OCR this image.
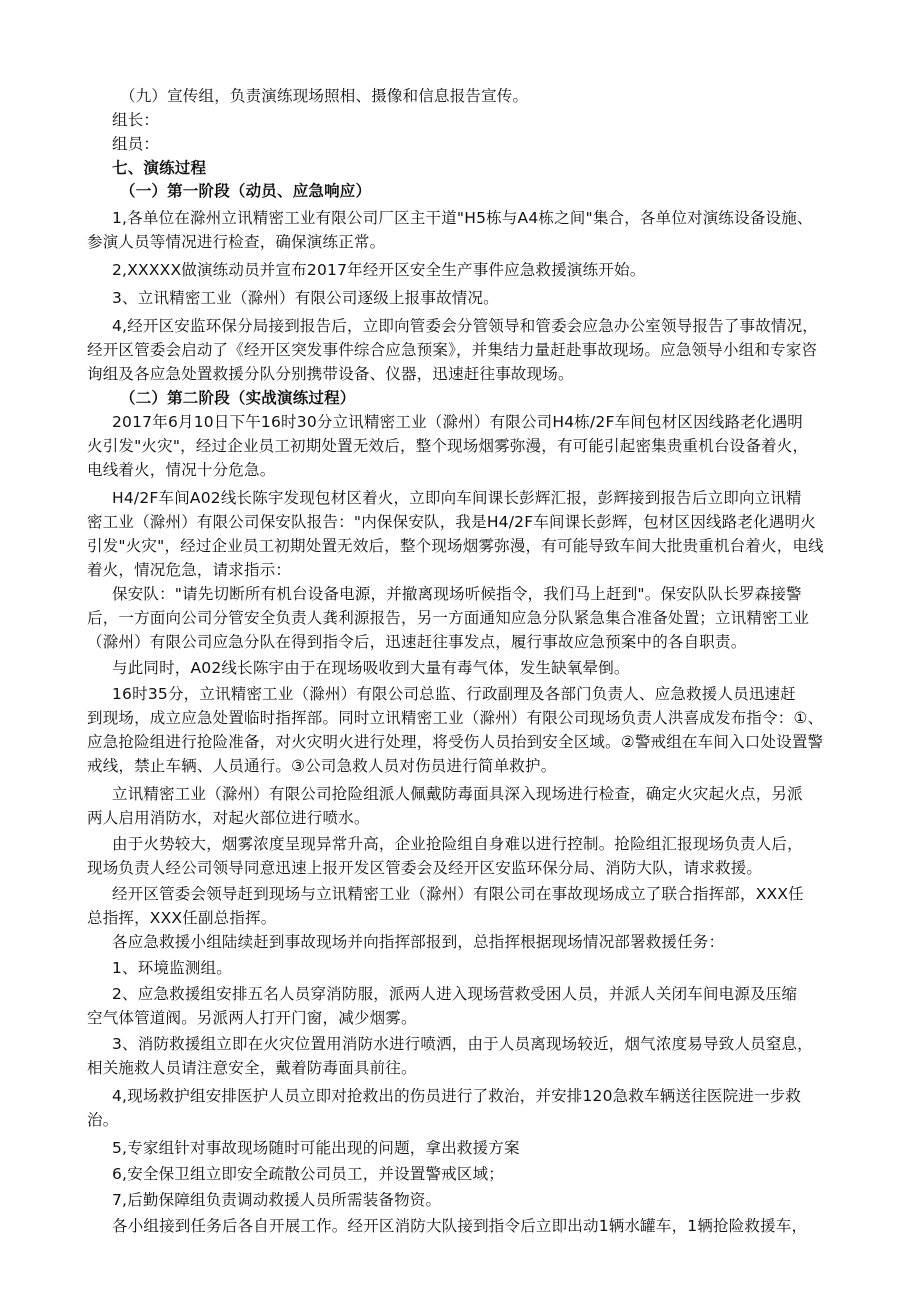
（九）宣传组，负责演练现场照相、摄像和信息报告宣传。
组长：
组员：
七、演练过程
（一）第一阶段（动员、应急响应）
1,各单位在滁州立讯精密工业有限公司厂区主干道"H5栋与A4栋之间"集合，各单位对演练设备设施、
参演人员等情况进行检查，确保演练正常。
2,XXXXX做演练动员并宣布2017年经开区安全生产事件应急救援演练开始。
3、立讯精密工业（滁州）有限公司逐级上报事故情况。
4,经开区安监环保分局接到报告后，立即向管委会分管领导和管委会应急办公室领导报告了事故情况，
经开区管委会启动了《经开区突发事件综合应急预案》，并集结力量赶赴事故现场。应急领导小组和专家咨
询组及各应急处置救援分队分别携带设备、仪器，迅速赶往事故现场。
（二）第二阶段（实战演练过程）
2017年6月10日下午16时30分立讯精密工业（滁州）有限公司H4栋/2F车间包材区因线路老化遇明
火引发"火灾"，经过企业员工初期处置无效后，整个现场烟雾弥漫，有可能引起密集贵重机台设备着火，
电线着火，情况十分危急。
H4/2F车间A02线长陈宇发现包材区着火，立即向车间课长彭辉汇报，彭辉接到报告后立即向立讯精
密工业（滁州）有限公司保安队报告："内保保安队，我是H4/2F车间课长彭辉，包材区因线路老化遇明火
引发"火灾"，经过企业员工初期处置无效后，整个现场烟雾弥漫，有可能导致车间大批贵重机台着火，电线
着火，情况危急，请求指示：
保安队："请先切断所有机台设备电源，并撤离现场听候指令，我们马上赶到"。保安队队长罗森接警
后，一方面向公司分管安全负责人龚利源报告，另一方面通知应急分队紧急集合准备处置；立讯精密工业
（滁州）有限公司应急分队在得到指令后，迅速赶往事发点，履行事故应急预案中的各自职责。
与此同时，A02线长陈宇由于在现场吸收到大量有毒气体，发生缺氧晕倒。
16时35分，立讯精密工业（滁州）有限公司总监、行政副理及各部门负责人、应急救援人员迅速赶
到现场，成立应急处置临时指挥部。同时立讯精密工业（滁州）有限公司现场负责人洪喜成发布指令：①、
应急抢险组进行抢险准备，对火灾明火进行处理，将受伤人员抬到安全区域。②警戒组在车间入口处设置警
戒线，禁止车辆、人员通行。③公司急救人员对伤员进行简单救护。
立讯精密工业（滁州）有限公司抢险组派人佩戴防毒面具深入现场进行检查，确定火灾起火点，另派
两人启用消防水，对起火部位进行喷水。
由于火势较大，烟雾浓度呈现异常升高，企业抢险组自身难以进行控制。抢险组汇报现场负责人后，
现场负责人经公司领导同意迅速上报开发区管委会及经开区安监环保分局、消防大队，请求救援。
经开区管委会领导赶到现场与立讯精密工业（滁州）有限公司在事故现场成立了联合指挥部，XXX任
总指挥，XXX任副总指挥。
各应急救援小组陆续赶到事故现场并向指挥部报到，总指挥根据现场情况部署救援任务：
1、环境监测组。
2、应急救援组安排五名人员穿消防服，派两人进入现场营救受困人员，并派人关闭车间电源及压缩
空气体管道阀。另派两人打开门窗，减少烟雾。
3、消防救援组立即在火灾位置用消防水进行喷洒，由于人员离现场较近，烟气浓度易导致人员窒息，
相关施救人员请注意安全，戴着防毒面具前往。
4,现场救护组安排医护人员立即对抢救出的伤员进行了救治，并安排120急救车辆送往医院进一步救
治。
5,专家组针对事故现场随时可能出现的问题，拿出救援方案
6,安全保卫组立即安全疏散公司员工，并设置警戒区域；
7,后勤保障组负责调动救援人员所需装备物资。
各小组接到任务后各自开展工作。经开区消防大队接到指令后立即出动1辆水罐车，1辆抢险救援车，
